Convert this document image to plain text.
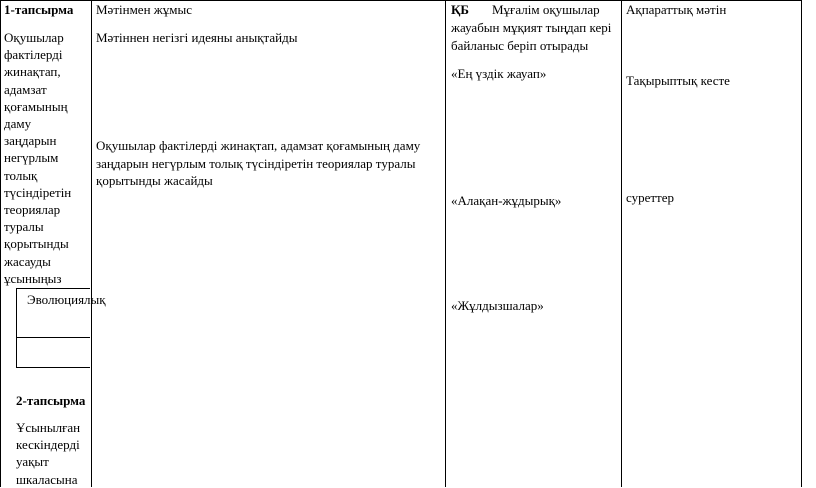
1-тапсырма
Оқушылар
фактілерді
жинақтап,
адамзат
қоғамының
даму
заңдарын
негүрлым
толық
түсіндіретін
теориялар
туралы
қорытынды
жасауды
ұсыныңыз
Эволюциялық
2-тапсырма
Ұсынылған
кескіндерді
уақыт
шкаласына
Мәтінмен жұмыс
Мәтіннен негізгі идеяны анықтайды
Оқушылар фактілерді жинақтап, адамзат қоғамының даму
заңдарын негүрлым толық түсіндіретін теориялар туралы
қорытынды жасайды
ҚБ Мұғалім оқушылар
жауабын мұқият тыңдап кері
байланыс беріп отырады
«Ең үздік жауап»
«Алақан-жұдырық»
«Жұлдызшалар»
Ақпараттық мәтін
Тақырыптық кесте
суреттер
